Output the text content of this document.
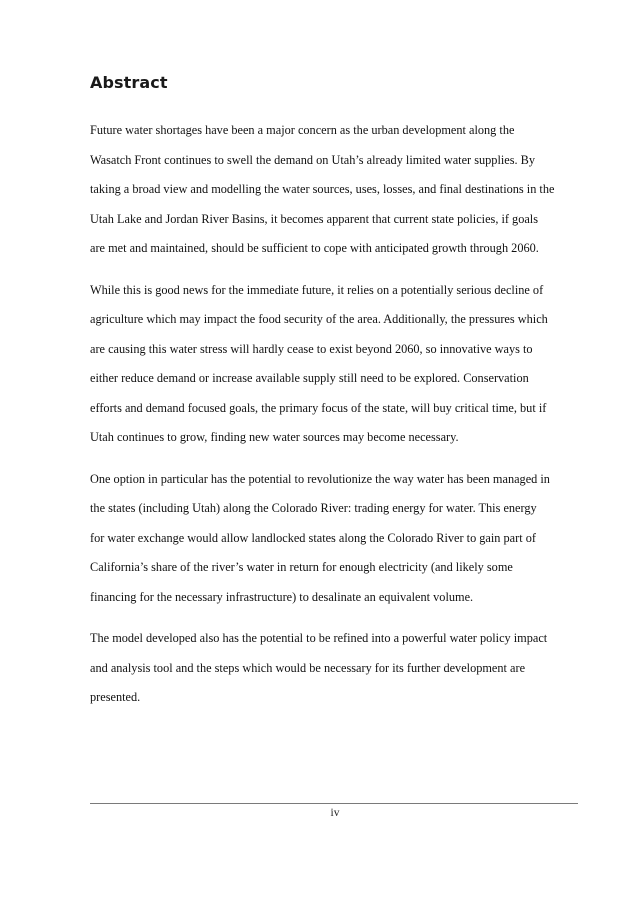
Abstract

Future water shortages have been a major concern as the urban development along the
Wasatch Front continues to swell the demand on Utah’s already limited water supplies. By
taking a broad view and modelling the water sources, uses, losses, and final destinations in the
Utah Lake and Jordan River Basins, it becomes apparent that current state policies, if goals
are met and maintained, should be sufficient to cope with anticipated growth through 2060.

While this is good news for the immediate future, it relies on a potentially serious decline of
agriculture which may impact the food security of the area. Additionally, the pressures which
are causing this water stress will hardly cease to exist beyond 2060, so innovative ways to
either reduce demand or increase available supply still need to be explored. Conservation
efforts and demand focused goals, the primary focus of the state, will buy critical time, but if
Utah continues to grow, finding new water sources may become necessary.

One option in particular has the potential to revolutionize the way water has been managed in
the states (including Utah) along the Colorado River: trading energy for water. This energy
for water exchange would allow landlocked states along the Colorado River to gain part of
California’s share of the river’s water in return for enough electricity (and likely some
financing for the necessary infrastructure) to desalinate an equivalent volume.

The model developed also has the potential to be refined into a powerful water policy impact
and analysis tool and the steps which would be necessary for its further development are
presented.

iv
